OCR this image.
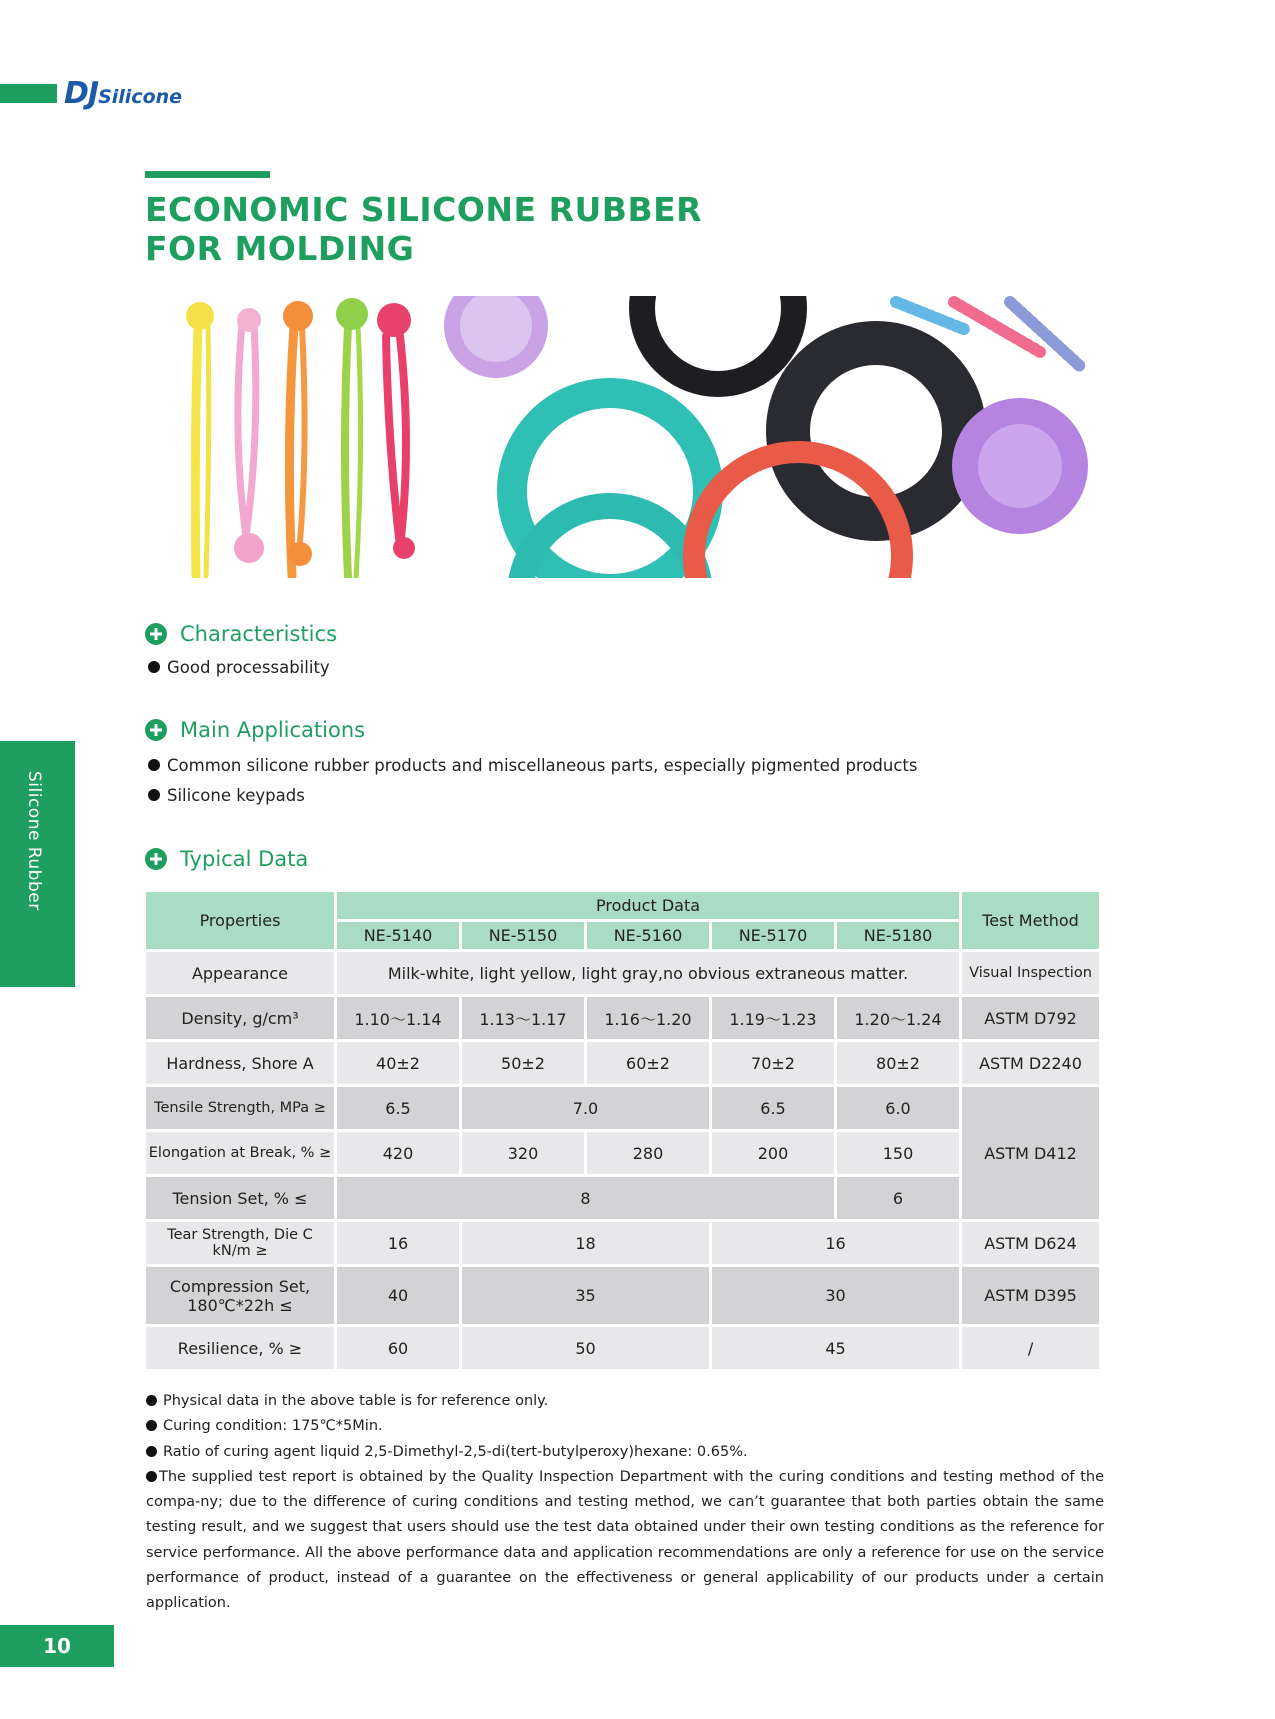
DJSilicone
ECONOMIC SILICONE RUBBER
FOR MOLDING
Characteristics
Good processability
Main Applications
Common silicone rubber products and miscellaneous parts, especially pigmented products
Silicone keypads
Typical Data
Silicone Rubber
Properties	Product Data					Test Method
	NE-5140	NE-5150	NE-5160	NE-5170	NE-5180	
Appearance	Milk-white, light yellow, light gray,no obvious extraneous matter.					Visual Inspection
Density, g/cm³	1.10～1.14	1.13～1.17	1.16～1.20	1.19～1.23	1.20～1.24	ASTM D792
Hardness, Shore A	40±2	50±2	60±2	70±2	80±2	ASTM D2240
Tensile Strength, MPa ≥	6.5	7.0		6.5	6.0	ASTM D412
Elongation at Break, % ≥	420	320	280	200	150	
Tension Set, % ≤	8				6	
Tear Strength, Die C kN/m ≥	16	18		16		ASTM D624
Compression Set,
180℃*22h ≤	40	35		30		ASTM D395
Resilience, % ≥	60	50		45		/

Physical data in the above table is for reference only.

Curing condition: 175℃*5Min.

Ratio of curing agent liquid 2,5-Dimethyl-2,5-di(tert-butylperoxy)hexane: 0.65%.

The supplied test report is obtained by the Quality Inspection Department with the curing conditions and testing method of the compa-ny; due to the difference of curing conditions and testing method, we can’t guarantee that both parties obtain the same testing result, and we suggest that users should use the test data obtained under their own testing conditions as the reference for service performance. All the above performance data and application recommendations are only a reference for use on the service performance of product, instead of a guarantee on the effectiveness or general applicability of our products under a certain application.

10
